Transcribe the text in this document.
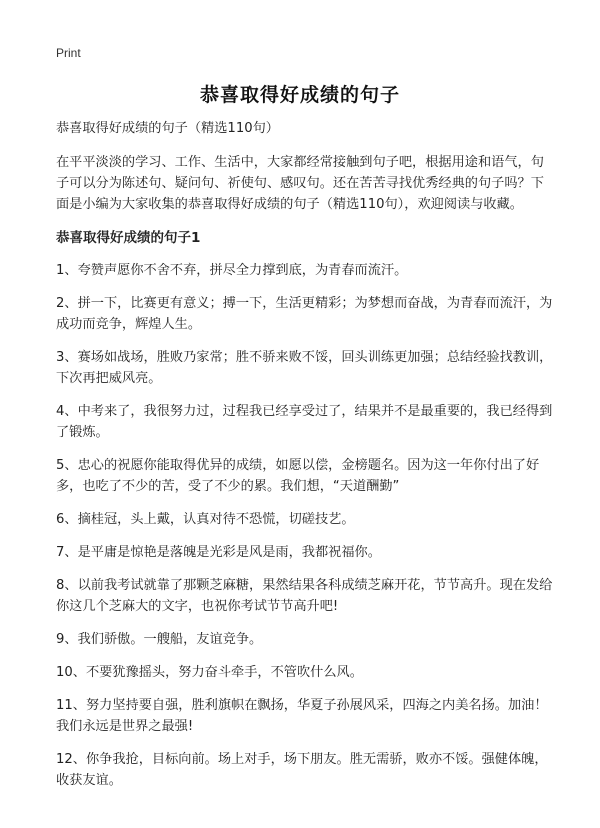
Print
恭喜取得好成绩的句子

恭喜取得好成绩的句子（精选110句）

在平平淡淡的学习、工作、生活中，大家都经常接触到句子吧，根据用途和语气，句子可以分为陈述句、疑问句、祈使句、感叹句。还在苦苦寻找优秀经典的句子吗？下面是小编为大家收集的恭喜取得好成绩的句子（精选110句），欢迎阅读与收藏。

恭喜取得好成绩的句子1

1、夸赞声愿你不舍不弃，拼尽全力撑到底，为青春而流汗。

2、拼一下，比赛更有意义；搏一下，生活更精彩；为梦想而奋战，为青春而流汗，为成功而竞争，辉煌人生。

3、赛场如战场，胜败乃家常；胜不骄来败不馁，回头训练更加强；总结经验找教训，下次再把威风亮。

4、中考来了，我很努力过，过程我已经享受过了，结果并不是最重要的，我已经得到了锻炼。

5、忠心的祝愿你能取得优异的成绩，如愿以偿，金榜题名。因为这一年你付出了好多，也吃了不少的苦，受了不少的累。我们想，“天道酬勤”

6、摘桂冠，头上戴，认真对待不恐慌，切磋技艺。

7、是平庸是惊艳是落魄是光彩是风是雨，我都祝福你。

8、以前我考试就靠了那颗芝麻糖，果然结果各科成绩芝麻开花，节节高升。现在发给你这几个芝麻大的文字，也祝你考试节节高升吧!

9、我们骄傲。一艘船，友谊竞争。

10、不要犹豫摇头，努力奋斗牵手，不管吹什么风。

11、努力坚持要自强，胜利旗帜在飘扬，华夏子孙展风采，四海之内美名扬。加油！我们永远是世界之最强!

12、你争我抢，目标向前。场上对手，场下朋友。胜无需骄，败亦不馁。强健体魄，收获友谊。
